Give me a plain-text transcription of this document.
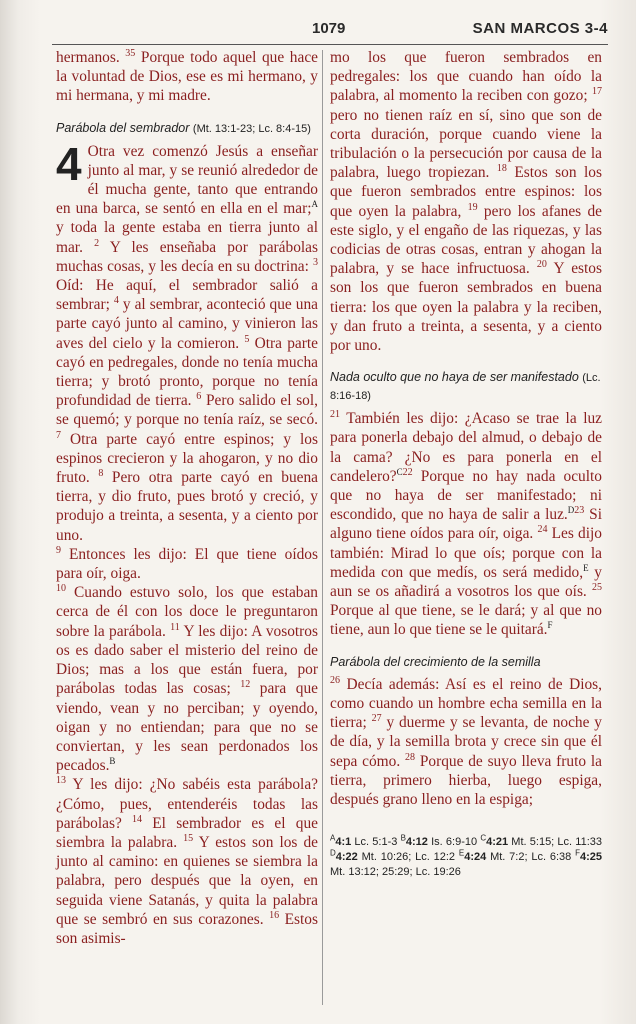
1079	SAN MARCOS 3-4

hermanos. $^{35}$ Porque todo aquel que hace la voluntad de Dios, ese es mi hermano, y mi hermana, y mi madre.

Parábola del sembrador (Mt. 13:1-23; Lc. 8:4-15)

4 Otra vez comenzó Jesús a enseñar junto al mar, y se reunió alrededor de él mucha gente, tanto que entrando en una barca, se sentó en ella en el mar;$^A$ y toda la gente estaba en tierra junto al mar. $^2$ Y les enseñaba por parábolas muchas cosas, y les decía en su doctrina: $^3$ Oíd: He aquí, el sembrador salió a sembrar; $^4$ y al sembrar, aconteció que una parte cayó junto al camino, y vinieron las aves del cielo y la comieron. $^5$ Otra parte cayó en pedregales, donde no tenía mucha tierra; y brotó pronto, porque no tenía profundidad de tierra. $^6$ Pero salido el sol, se quemó; y porque no tenía raíz, se secó. $^7$ Otra parte cayó entre espinos; y los espinos crecieron y la ahogaron, y no dio fruto. $^8$ Pero otra parte cayó en buena tierra, y dio fruto, pues brotó y creció, y produjo a treinta, a sesenta, y a ciento por uno.

$^9$ Entonces les dijo: El que tiene oídos para oír, oiga.

$^{10}$ Cuando estuvo solo, los que estaban cerca de él con los doce le preguntaron sobre la parábola. $^{11}$ Y les dijo: A vosotros os es dado saber el misterio del reino de Dios; mas a los que están fuera, por parábolas todas las cosas; $^{12}$ para que viendo, vean y no perciban; y oyendo, oigan y no entiendan; para que no se conviertan, y les sean perdonados los pecados.$^B$

$^{13}$ Y les dijo: ¿No sabéis esta parábola? ¿Cómo, pues, entenderéis todas las parábolas? $^{14}$ El sembrador es el que siembra la palabra. $^{15}$ Y estos son los de junto al camino: en quienes se siembra la palabra, pero después que la oyen, en seguida viene Satanás, y quita la palabra que se sembró en sus corazones. $^{16}$ Estos son asimis-

mo los que fueron sembrados en pedregales: los que cuando han oído la palabra, al momento la reciben con gozo; $^{17}$ pero no tienen raíz en sí, sino que son de corta duración, porque cuando viene la tribulación o la persecución por causa de la palabra, luego tropiezan. $^{18}$ Estos son los que fueron sembrados entre espinos: los que oyen la palabra, $^{19}$ pero los afanes de este siglo, y el engaño de las riquezas, y las codicias de otras cosas, entran y ahogan la palabra, y se hace infructuosa. $^{20}$ Y estos son los que fueron sembrados en buena tierra: los que oyen la palabra y la reciben, y dan fruto a treinta, a sesenta, y a ciento por uno.

Nada oculto que no haya de ser manifestado (Lc. 8:16-18)

$^{21}$ También les dijo: ¿Acaso se trae la luz para ponerla debajo del almud, o debajo de la cama? ¿No es para ponerla en el candelero?$^{C22}$ Porque no hay nada oculto que no haya de ser manifestado; ni escondido, que no haya de salir a luz.$^{D23}$ Si alguno tiene oídos para oír, oiga. $^{24}$ Les dijo también: Mirad lo que oís; porque con la medida con que medís, os será medido,$^E$ y aun se os añadirá a vosotros los que oís. $^{25}$ Porque al que tiene, se le dará; y al que no tiene, aun lo que tiene se le quitará.$^F$

Parábola del crecimiento de la semilla

$^{26}$ Decía además: Así es el reino de Dios, como cuando un hombre echa semilla en la tierra; $^{27}$ y duerme y se levanta, de noche y de día, y la semilla brota y crece sin que él sepa cómo. $^{28}$ Porque de suyo lleva fruto la tierra, primero hierba, luego espiga, después grano lleno en la espiga;

$^A$4:1 Lc. 5:1-3 $^B$4:12 Is. 6:9-10 $^C$4:21 Mt. 5:15; Lc. 11:33 $^D$4:22 Mt. 10:26; Lc. 12:2 $^E$4:24 Mt. 7:2; Lc. 6:38 $^F$4:25 Mt. 13:12; 25:29; Lc. 19:26
